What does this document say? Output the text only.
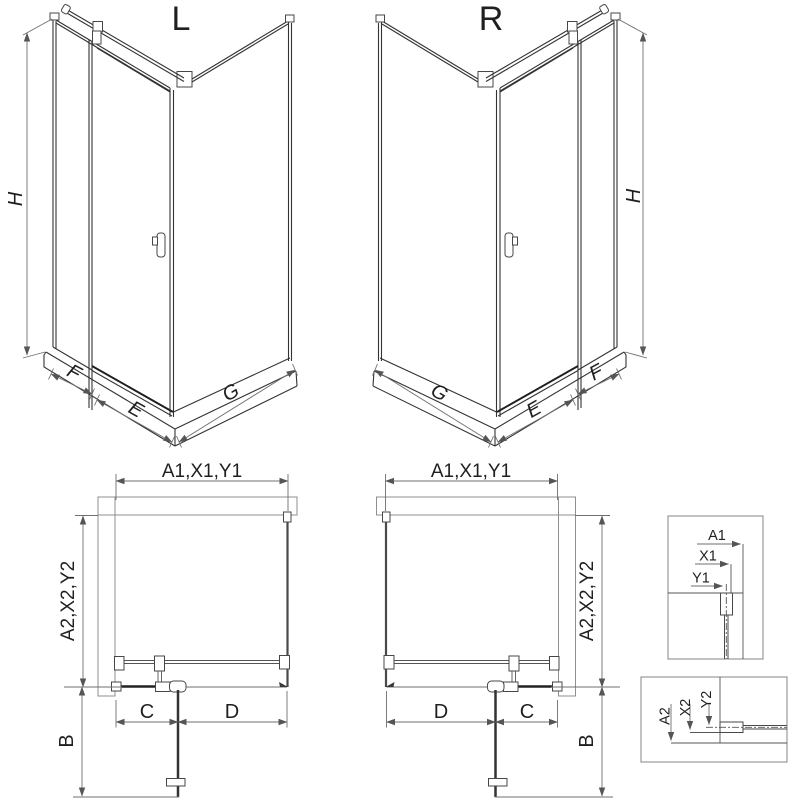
L
H
F
E
G
R
H
F
E
G
A1,X1,Y1
A2,X2,Y2
C	D
B
A1,X1,Y1
A2,X2,Y2
D	C
B
A1
X1
Y1
A2 X2 Y2
